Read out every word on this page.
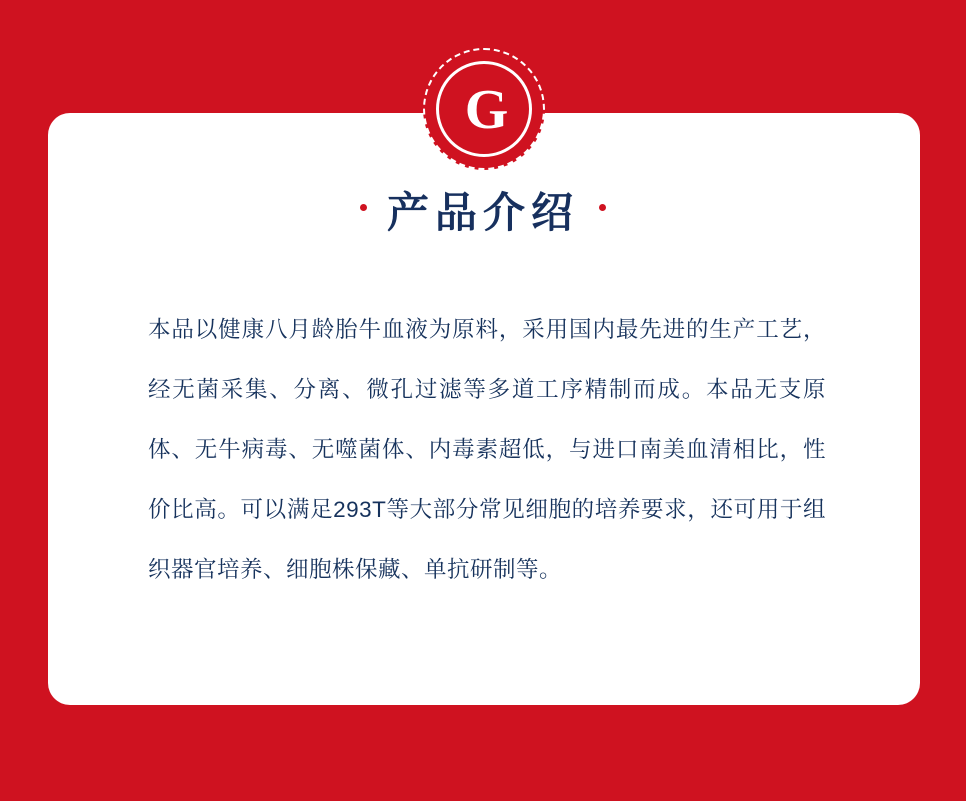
G
产品介绍
本品以健康八月龄胎牛血液为原料，采用国内最先进的生产工艺，经无菌采集、分离、微孔过滤等多道工序精制而成。本品无支原体、无牛病毒、无噬菌体、内毒素超低，与进口南美血清相比，性价比高。可以满足293T等大部分常见细胞的培养要求，还可用于组织器官培养、细胞株保藏、单抗研制等。
